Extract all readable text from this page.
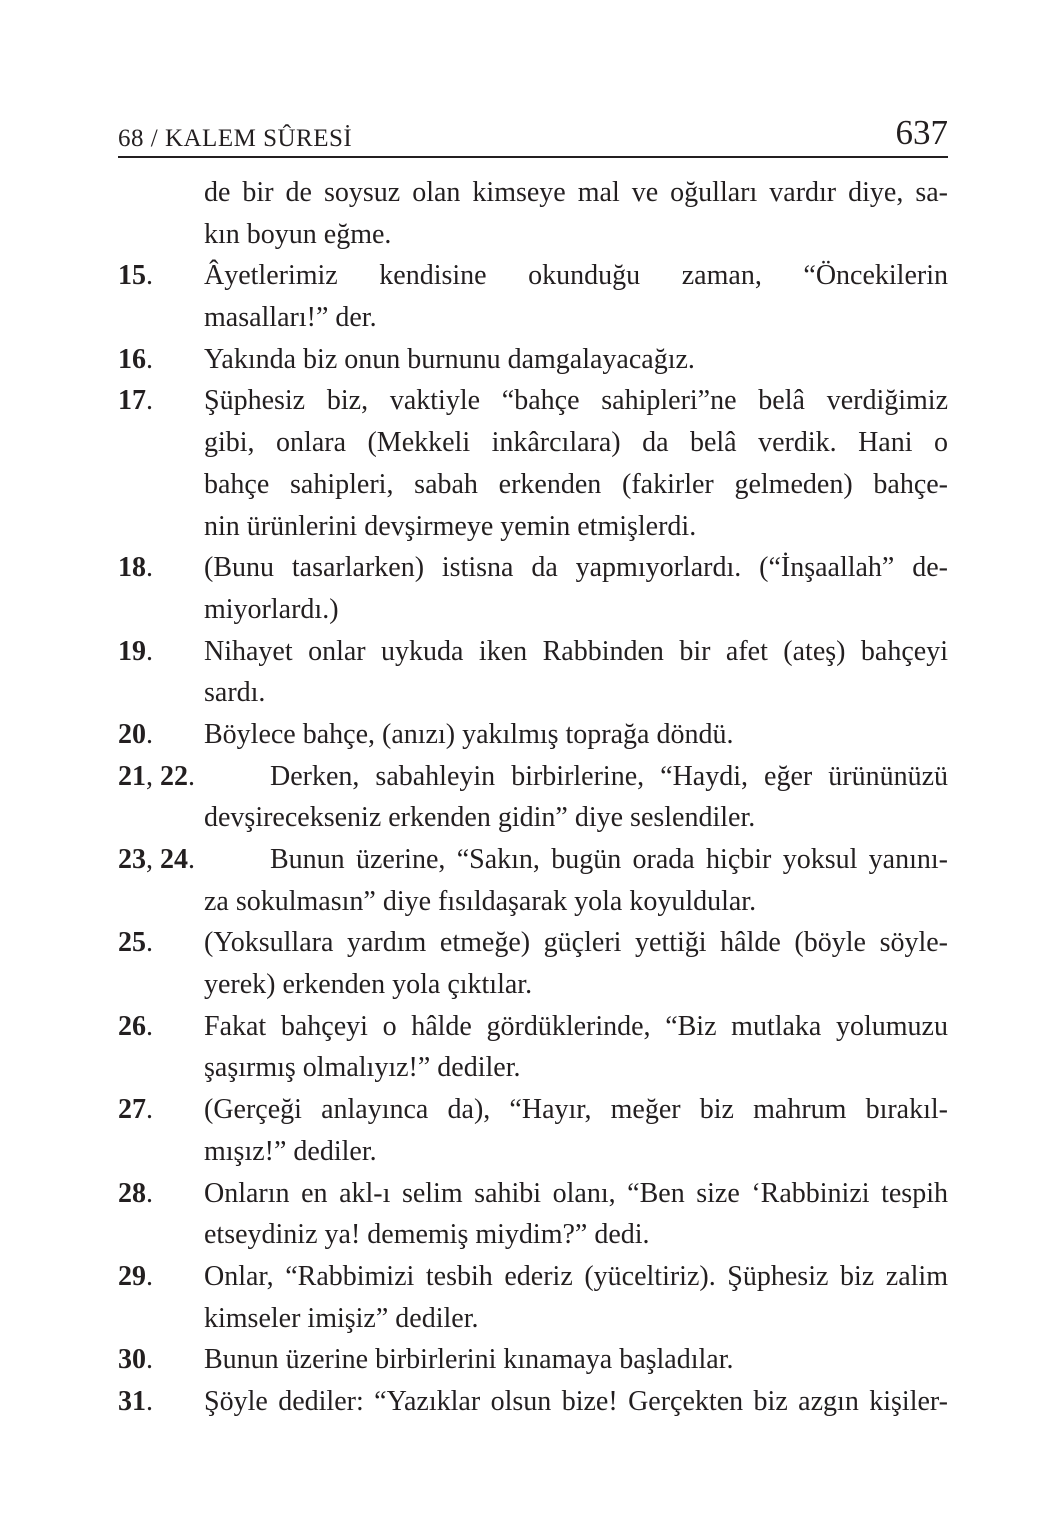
68 / KALEM SÛRESİ	637
de bir de soysuz olan kimseye mal ve oğulları vardır diye, sa-
kın boyun eğme.
15. Âyetlerimiz kendisine okunduğu zaman, “Öncekilerin
masalları!” der.
16. Yakında biz onun burnunu damgalayacağız.
17. Şüphesiz biz, vaktiyle “bahçe sahipleri”ne belâ verdiğimiz
gibi, onlara (Mekkeli inkârcılara) da belâ verdik. Hani o
bahçe sahipleri, sabah erkenden (fakirler gelmeden) bahçe-
nin ürünlerini devşirmeye yemin etmişlerdi.
18. (Bunu tasarlarken) istisna da yapmıyorlardı. (“İnşaallah” de-
miyorlardı.)
19. Nihayet onlar uykuda iken Rabbinden bir afet (ateş) bahçeyi
sardı.
20. Böylece bahçe, (anızı) yakılmış toprağa döndü.
21, 22.	Derken, sabahleyin birbirlerine, “Haydi, eğer ürününüzü
devşirecekseniz erkenden gidin” diye seslendiler.
23, 24.	Bunun üzerine, “Sakın, bugün orada hiçbir yoksul yanını-
za sokulmasın” diye fısıldaşarak yola koyuldular.
25. (Yoksullara yardım etmeğe) güçleri yettiği hâlde (böyle söyle-
yerek) erkenden yola çıktılar.
26. Fakat bahçeyi o hâlde gördüklerinde, “Biz mutlaka yolumuzu
şaşırmış olmalıyız!” dediler.
27. (Gerçeği anlayınca da), “Hayır, meğer biz mahrum bırakıl-
mışız!” dediler.
28. Onların en akl-ı selim sahibi olanı, “Ben size ‘Rabbinizi tespih
etseydiniz ya! dememiş miydim?” dedi.
29. Onlar, “Rabbimizi tesbih ederiz (yüceltiriz). Şüphesiz biz zalim
kimseler imişiz” dediler.
30. Bunun üzerine birbirlerini kınamaya başladılar.
31. Şöyle dediler: “Yazıklar olsun bize! Gerçekten biz azgın kişiler-
